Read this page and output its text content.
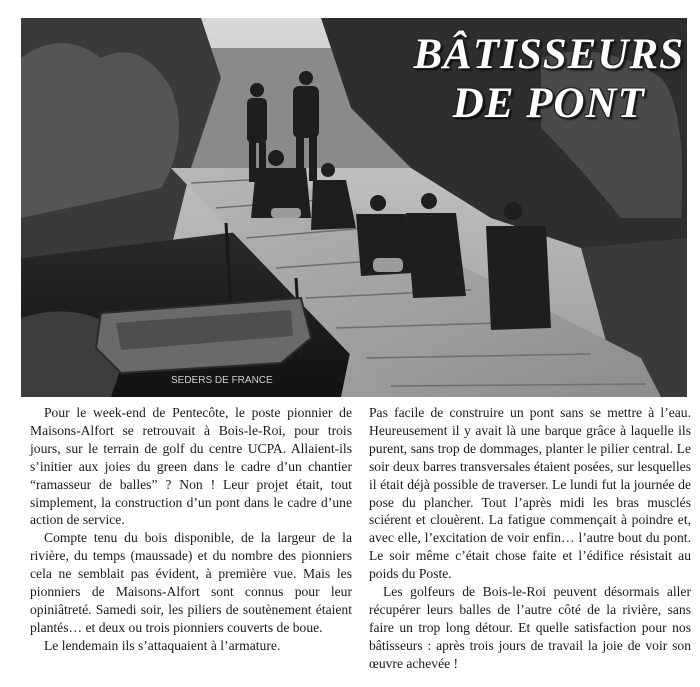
SEDERS DE FRANCE
BÂTISSEURS
DE PONT

Pour le week-end de Pentecôte, le poste pionnier de Maisons-Alfort se retrouvait à Bois-le-Roi, pour trois jours, sur le terrain de golf du centre UCPA. Allaient-ils s’initier aux joies du green dans le cadre d’un chantier “ramasseur de balles” ? Non ! Leur projet était, tout simplement, la construction d’un pont dans le cadre d’une action de service.

Compte tenu du bois disponible, de la largeur de la rivière, du temps (maussade) et du nombre des pionniers cela ne semblait pas évident, à première vue. Mais les pionniers de Maisons-Alfort sont connus pour leur opiniâtreté. Samedi soir, les piliers de soutènement étaient plantés… et deux ou trois pionniers couverts de boue.

Le lendemain ils s’attaquaient à l’armature.

Pas facile de construire un pont sans se mettre à l’eau. Heureusement il y avait là une barque grâce à laquelle ils purent, sans trop de dommages, planter le pilier central. Le soir deux barres transversales étaient posées, sur lesquelles il était déjà possible de traverser. Le lundi fut la journée de pose du plancher. Tout l’après midi les bras musclés sciérent et clouèrent. La fatigue commençait à poindre et, avec elle, l’excitation de voir enfin… l’autre bout du pont. Le soir même c’était chose faite et l’édifice résistait au poids du Poste.

Les golfeurs de Bois-le-Roi peuvent désormais aller récupérer leurs balles de l’autre côté de la rivière, sans faire un trop long détour. Et quelle satisfaction pour nos bâtisseurs : après trois jours de travail la joie de voir son œuvre achevée !
